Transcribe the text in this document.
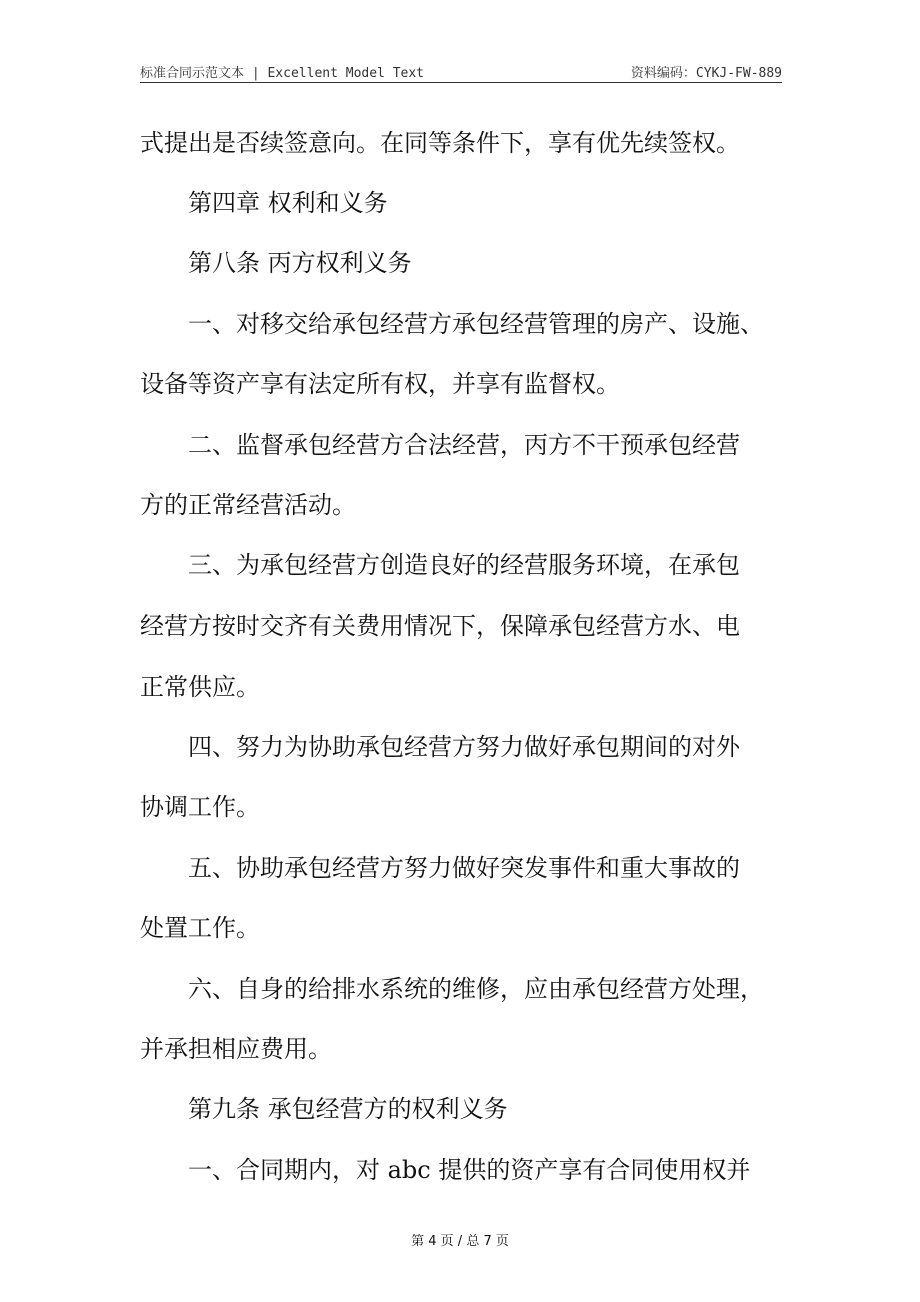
标准合同示范文本 | Excellent Model Text	资料编码：CYKJ-FW-889
式提出是否续签意向。在同等条件下，享有优先续签权。
第四章 权利和义务
第八条 丙方权利义务
一、对移交给承包经营方承包经营管理的房产、设施、
设备等资产享有法定所有权，并享有监督权。
二、监督承包经营方合法经营，丙方不干预承包经营
方的正常经营活动。
三、为承包经营方创造良好的经营服务环境，在承包
经营方按时交齐有关费用情况下，保障承包经营方水、电
正常供应。
四、努力为协助承包经营方努力做好承包期间的对外
协调工作。
五、协助承包经营方努力做好突发事件和重大事故的
处置工作。
六、自身的给排水系统的维修，应由承包经营方处理，
并承担相应费用。
第九条 承包经营方的权利义务
一、合同期内，对 abc 提供的资产享有合同使用权并
第 4 页 / 总 7 页
